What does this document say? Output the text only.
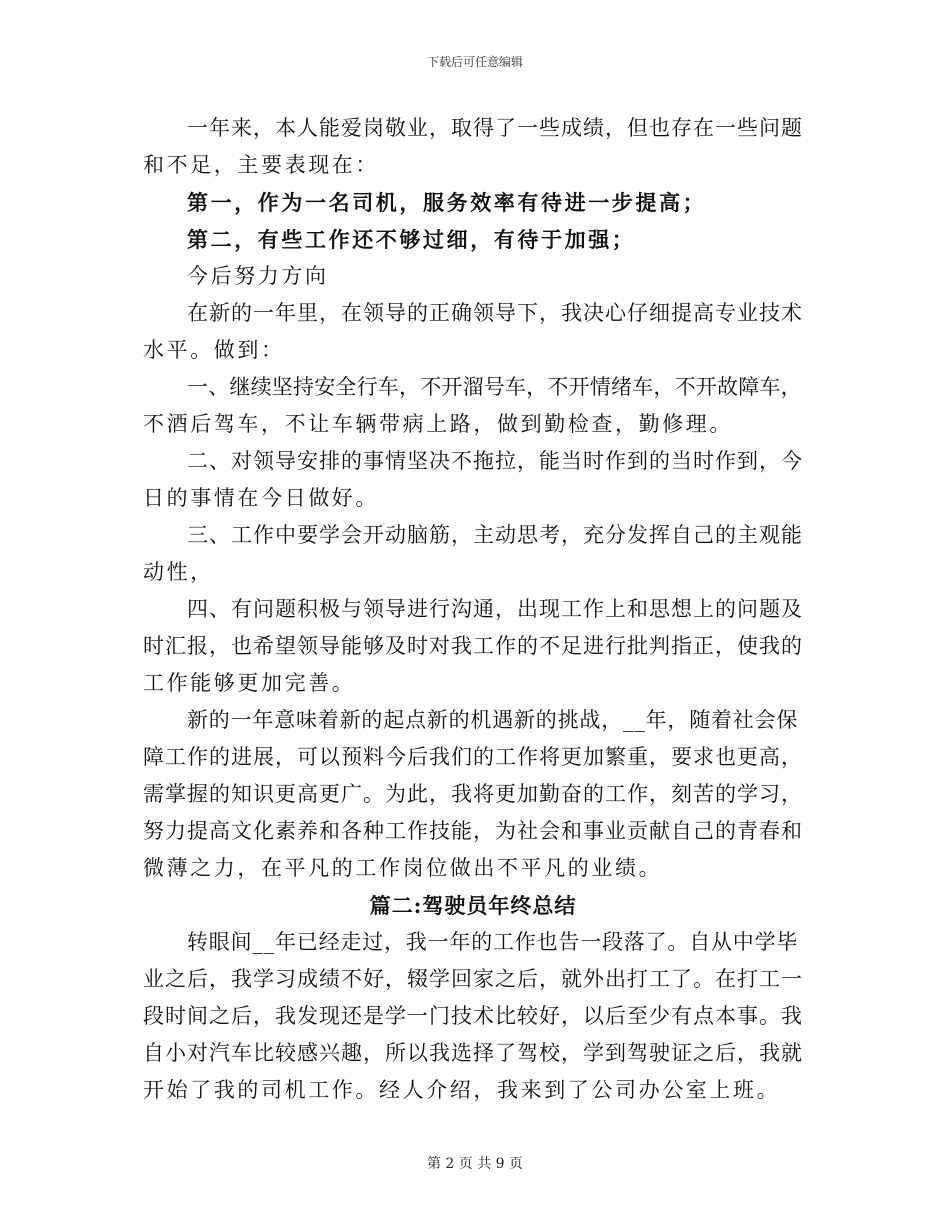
下载后可任意编辑
一年来，本人能爱岗敬业，取得了一些成绩，但也存在一些问题
和不足，主要表现在：
第一，作为一名司机，服务效率有待进一步提高；
第二，有些工作还不够过细，有待于加强；
今后努力方向
在新的一年里，在领导的正确领导下，我决心仔细提高专业技术
水平。做到：
一、继续坚持安全行车，不开溜号车，不开情绪车，不开故障车，
不酒后驾车，不让车辆带病上路，做到勤检查，勤修理。
二、对领导安排的事情坚决不拖拉，能当时作到的当时作到，今
日的事情在今日做好。
三、工作中要学会开动脑筋，主动思考，充分发挥自己的主观能
动性，
四、有问题积极与领导进行沟通，出现工作上和思想上的问题及
时汇报，也希望领导能够及时对我工作的不足进行批判指正，使我的
工作能够更加完善。
新的一年意味着新的起点新的机遇新的挑战，__年，随着社会保
障工作的进展，可以预料今后我们的工作将更加繁重，要求也更高，
需掌握的知识更高更广。为此，我将更加勤奋的工作，刻苦的学习，
努力提高文化素养和各种工作技能，为社会和事业贡献自己的青春和
微薄之力，在平凡的工作岗位做出不平凡的业绩。
篇二:驾驶员年终总结
转眼间__年已经走过，我一年的工作也告一段落了。自从中学毕
业之后，我学习成绩不好，辍学回家之后，就外出打工了。在打工一
段时间之后，我发现还是学一门技术比较好，以后至少有点本事。我
自小对汽车比较感兴趣，所以我选择了驾校，学到驾驶证之后，我就
开始了我的司机工作。经人介绍，我来到了公司办公室上班。
第 2 页 共 9 页
